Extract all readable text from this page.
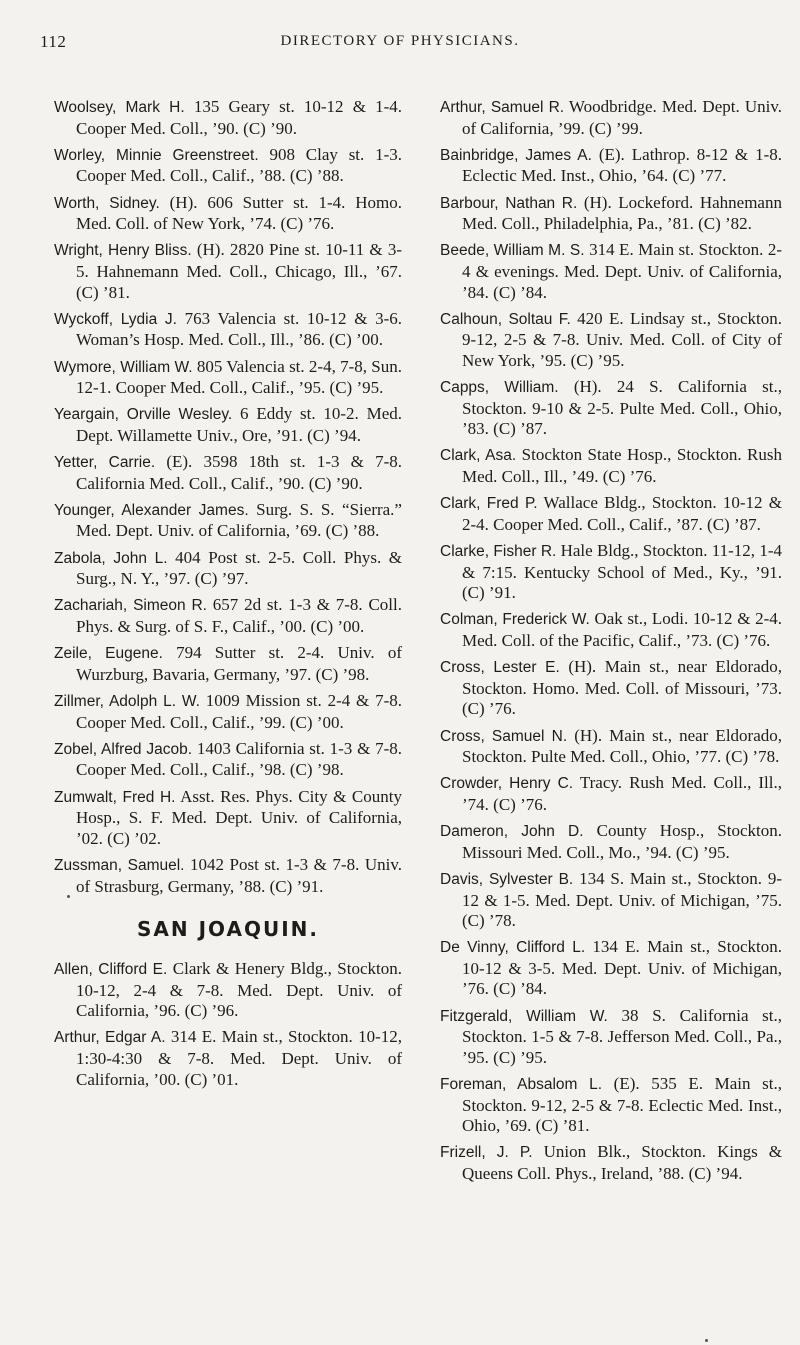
112	DIRECTORY OF PHYSICIANS.

Woolsey, Mark H. 135 Geary st. 10-12 & 1-4. Cooper Med. Coll., ’90. (C) ’90.

Worley, Minnie Greenstreet. 908 Clay st. 1-3. Cooper Med. Coll., Calif., ’88. (C) ’88.

Worth, Sidney. (H). 606 Sutter st. 1-4. Homo. Med. Coll. of New York, ’74. (C) ’76.

Wright, Henry Bliss. (H). 2820 Pine st. 10-11 & 3-5. Hahnemann Med. Coll., Chicago, Ill., ’67. (C) ’81.

Wyckoff, Lydia J. 763 Valencia st. 10-12 & 3-6. Woman’s Hosp. Med. Coll., Ill., ’86. (C) ’00.

Wymore, William W. 805 Valencia st. 2-4, 7-8, Sun. 12-1. Cooper Med. Coll., Calif., ’95. (C) ’95.

Yeargain, Orville Wesley. 6 Eddy st. 10-2. Med. Dept. Willamette Univ., Ore, ’91. (C) ’94.

Yetter, Carrie. (E). 3598 18th st. 1-3 & 7-8. California Med. Coll., Calif., ’90. (C) ’90.

Younger, Alexander James. Surg. S. S. “Sierra.” Med. Dept. Univ. of California, ’69. (C) ’88.

Zabola, John L. 404 Post st. 2-5. Coll. Phys. & Surg., N. Y., ’97. (C) ’97.

Zachariah, Simeon R. 657 2d st. 1-3 & 7-8. Coll. Phys. & Surg. of S. F., Calif., ’00. (C) ’00.

Zeile, Eugene. 794 Sutter st. 2-4. Univ. of Wurzburg, Bavaria, Germany, ’97. (C) ’98.

Zillmer, Adolph L. W. 1009 Mission st. 2-4 & 7-8. Cooper Med. Coll., Calif., ’99. (C) ’00.

Zobel, Alfred Jacob. 1403 California st. 1-3 & 7-8. Cooper Med. Coll., Calif., ’98. (C) ’98.

Zumwalt, Fred H. Asst. Res. Phys. City & County Hosp., S. F. Med. Dept. Univ. of California, ’02. (C) ’02.

Zussman, Samuel. 1042 Post st. 1-3 & 7-8. Univ. of Strasburg, Germany, ’88. (C) ’91.

SAN JOAQUIN.

Allen, Clifford E. Clark & Henery Bldg., Stockton. 10-12, 2-4 & 7-8. Med. Dept. Univ. of California, ’96. (C) ’96.

Arthur, Edgar A. 314 E. Main st., Stockton. 10-12, 1:30-4:30 & 7-8. Med. Dept. Univ. of California, ’00. (C) ’01.

Arthur, Samuel R. Woodbridge. Med. Dept. Univ. of California, ’99. (C) ’99.

Bainbridge, James A. (E). Lathrop. 8-12 & 1-8. Eclectic Med. Inst., Ohio, ’64. (C) ’77.

Barbour, Nathan R. (H). Lockeford. Hahnemann Med. Coll., Philadelphia, Pa., ’81. (C) ’82.

Beede, William M. S. 314 E. Main st. Stockton. 2-4 & evenings. Med. Dept. Univ. of California, ’84. (C) ’84.

Calhoun, Soltau F. 420 E. Lindsay st., Stockton. 9-12, 2-5 & 7-8. Univ. Med. Coll. of City of New York, ’95. (C) ’95.

Capps, William. (H). 24 S. California st., Stockton. 9-10 & 2-5. Pulte Med. Coll., Ohio, ’83. (C) ’87.

Clark, Asa. Stockton State Hosp., Stockton. Rush Med. Coll., Ill., ’49. (C) ’76.

Clark, Fred P. Wallace Bldg., Stockton. 10-12 & 2-4. Cooper Med. Coll., Calif., ’87. (C) ’87.

Clarke, Fisher R. Hale Bldg., Stockton. 11-12, 1-4 & 7:15. Kentucky School of Med., Ky., ’91. (C) ’91.

Colman, Frederick W. Oak st., Lodi. 10-12 & 2-4. Med. Coll. of the Pacific, Calif., ’73. (C) ’76.

Cross, Lester E. (H). Main st., near Eldorado, Stockton. Homo. Med. Coll. of Missouri, ’73. (C) ’76.

Cross, Samuel N. (H). Main st., near Eldorado, Stockton. Pulte Med. Coll., Ohio, ’77. (C) ’78.

Crowder, Henry C. Tracy. Rush Med. Coll., Ill., ’74. (C) ’76.

Dameron, John D. County Hosp., Stockton. Missouri Med. Coll., Mo., ’94. (C) ’95.

Davis, Sylvester B. 134 S. Main st., Stockton. 9-12 & 1-5. Med. Dept. Univ. of Michigan, ’75. (C) ’78.

De Vinny, Clifford L. 134 E. Main st., Stockton. 10-12 & 3-5. Med. Dept. Univ. of Michigan, ’76. (C) ’84.

Fitzgerald, William W. 38 S. California st., Stockton. 1-5 & 7-8. Jefferson Med. Coll., Pa., ’95. (C) ’95.

Foreman, Absalom L. (E). 535 E. Main st., Stockton. 9-12, 2-5 & 7-8. Eclectic Med. Inst., Ohio, ’69. (C) ’81.

Frizell, J. P. Union Blk., Stockton. Kings & Queens Coll. Phys., Ireland, ’88. (C) ’94.
